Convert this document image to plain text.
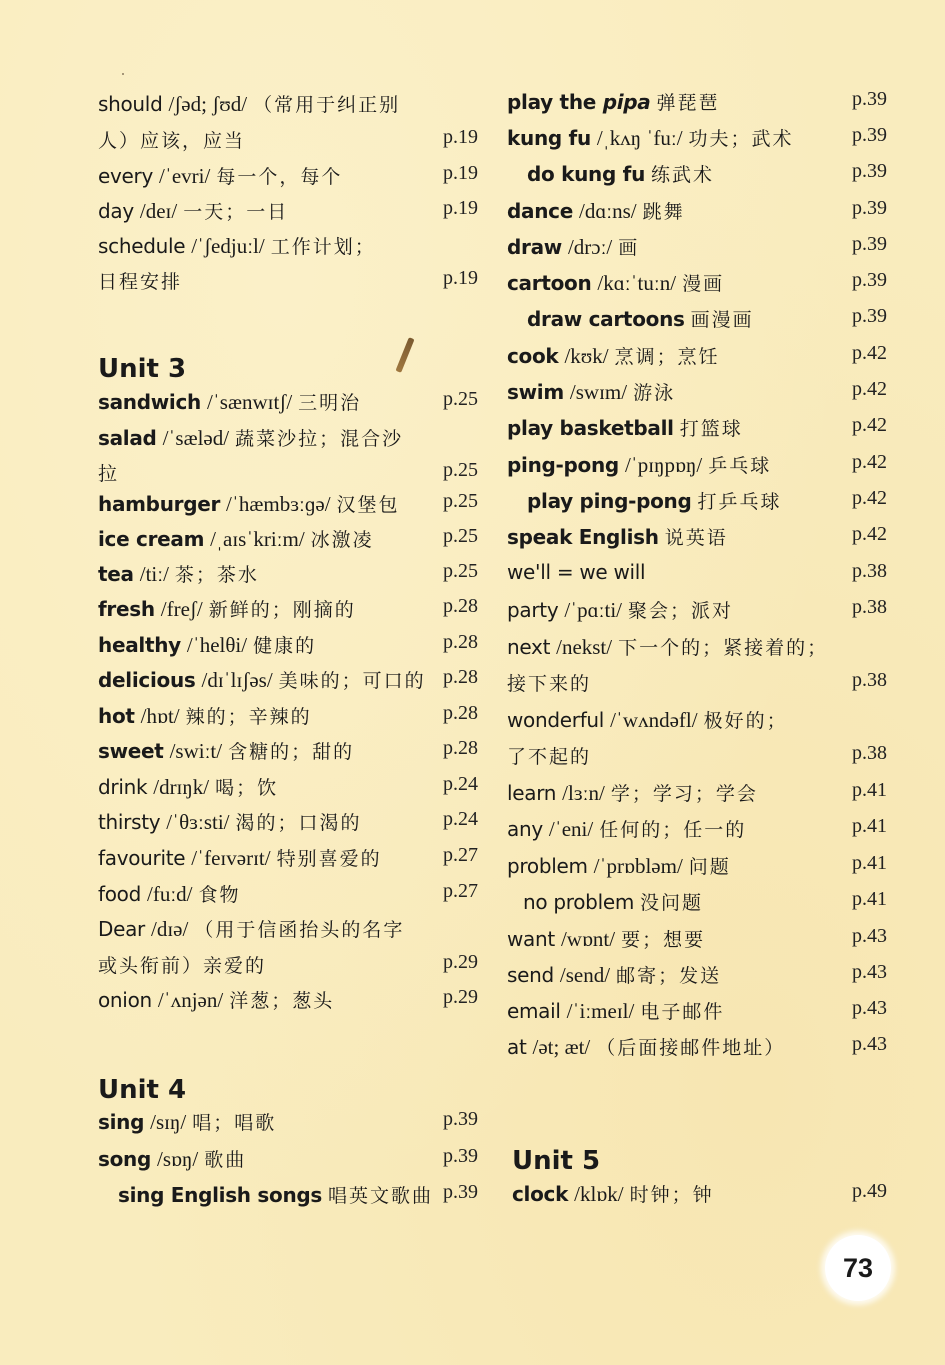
should /ʃəd; ʃʊd/ （常用于纠正别
人）应该，应当	p.19
every /ˈevri/ 每一个，每个	p.19
day /deɪ/ 一天；一日	p.19
schedule /ˈʃedjuːl/ 工作计划；
日程安排	p.19
Unit 3
sandwich /ˈsænwɪtʃ/ 三明治	p.25
salad /ˈsæləd/ 蔬菜沙拉；混合沙
拉	p.25
hamburger /ˈhæmbɜːɡə/ 汉堡包 p.25
ice cream /ˌaɪsˈkriːm/ 冰激凌	p.25
tea /tiː/ 茶；茶水	p.25
fresh /freʃ/ 新鲜的；刚摘的	p.28
healthy /ˈhelθi/ 健康的	p.28
delicious /dɪˈlɪʃəs/ 美味的；可口的 p.28
hot /hɒt/ 辣的；辛辣的	p.28
sweet /swiːt/ 含糖的；甜的	p.28
drink /drɪŋk/ 喝；饮	p.24
thirsty /ˈθɜːsti/ 渴的；口渴的	p.24
favourite /ˈfeɪvərɪt/ 特别喜爱的	p.27
food /fuːd/ 食物	p.27
Dear /dɪə/ （用于信函抬头的名字
或头衔前）亲爱的	p.29
onion /ˈʌnjən/ 洋葱；葱头	p.29
Unit 4
sing /sɪŋ/ 唱；唱歌	p.39
song /sɒŋ/ 歌曲	p.39
sing English songs 唱英文歌曲 p.39
play the pipa 弹琵琶	p.39
kung fu /ˌkʌŋ ˈfuː/ 功夫；武术	p.39
do kung fu 练武术	p.39
dance /dɑːns/ 跳舞	p.39
draw /drɔː/ 画	p.39
cartoon /kɑːˈtuːn/ 漫画	p.39
draw cartoons 画漫画	p.39
cook /kʊk/ 烹调；烹饪	p.42
swim /swɪm/ 游泳	p.42
play basketball 打篮球	p.42
ping-pong /ˈpɪŋpɒŋ/ 乒乓球	p.42
play ping-pong 打乒乓球	p.42
speak English 说英语	p.42
we'll = we will	p.38
party /ˈpɑːti/ 聚会；派对	p.38
next /nekst/ 下一个的；紧接着的；
接下来的	p.38
wonderful /ˈwʌndəfl/ 极好的；
了不起的	p.38
learn /lɜːn/ 学；学习；学会	p.41
any /ˈeni/ 任何的；任一的	p.41
problem /ˈprɒbləm/ 问题	p.41
no problem 没问题	p.41
want /wɒnt/ 要；想要	p.43
send /send/ 邮寄；发送	p.43
email /ˈiːmeɪl/ 电子邮件	p.43
at /ət; æt/ （后面接邮件地址）	p.43
Unit 5
clock /klɒk/ 时钟；钟	p.49
73
